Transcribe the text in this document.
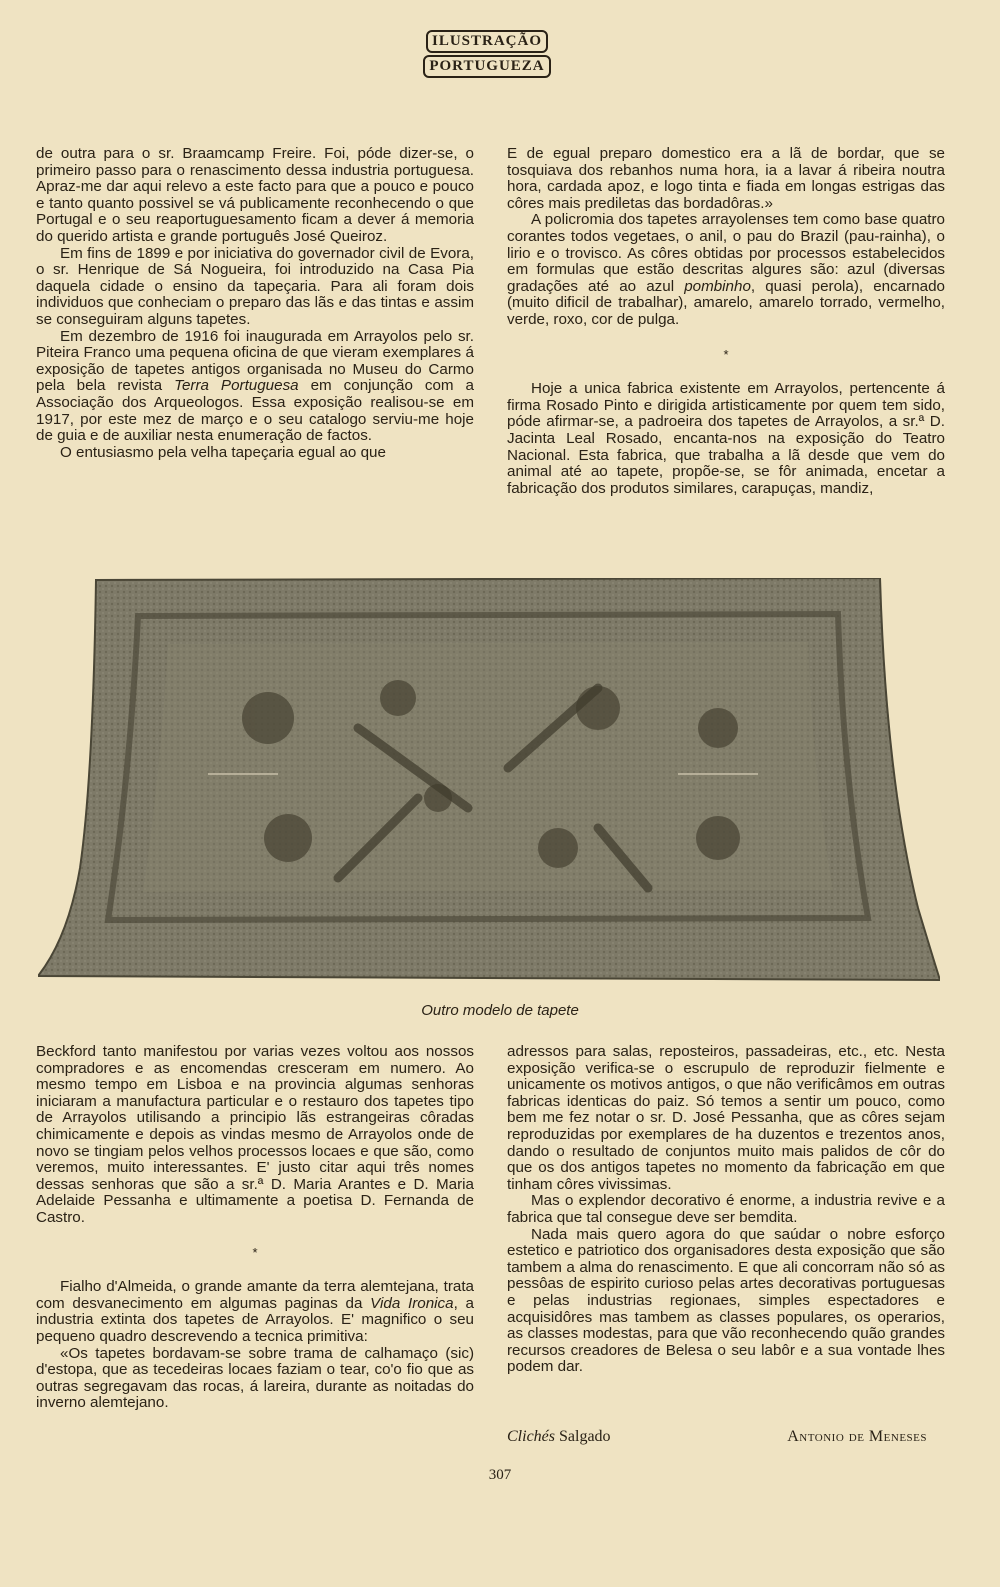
ILUSTRAÇÃO
PORTUGUEZA

de outra para o sr. Braamcamp Freire. Foi, póde dizer-se, o primeiro passo para o renascimento dessa industria portuguesa. Apraz-me dar aqui relevo a este facto para que a pouco e pouco e tanto quanto possivel se vá publicamente reconhecendo o que Portugal e o seu reaportuguesamento ficam a dever á memoria do querido artista e grande português José Queiroz.

Em fins de 1899 e por iniciativa do governador civil de Evora, o sr. Henrique de Sá Nogueira, foi introduzido na Casa Pia daquela cidade o ensino da tapeçaria. Para ali foram dois individuos que conheciam o preparo das lãs e das tintas e assim se conseguiram alguns tapetes.

Em dezembro de 1916 foi inaugurada em Arrayolos pelo sr. Piteira Franco uma pequena oficina de que vieram exemplares á exposição de tapetes antigos organisada no Museu do Carmo pela bela revista Terra Portuguesa em conjunção com a Associação dos Arqueologos. Essa exposição realisou-se em 1917, por este mez de março e o seu catalogo serviu-me hoje de guia e de auxiliar nesta enumeração de factos.

O entusiasmo pela velha tapeçaria egual ao que

E de egual preparo domestico era a lã de bordar, que se tosquiava dos rebanhos numa hora, ia a lavar á ribeira noutra hora, cardada apoz, e logo tinta e fiada em longas estrigas das côres mais prediletas das bordadôras.»

A policromia dos tapetes arrayolenses tem como base quatro corantes todos vegetaes, o anil, o pau do Brazil (pau-rainha), o lirio e o trovisco. As côres obtidas por processos estabelecidos em formulas que estão descritas algures são: azul (diversas gradações até ao azul pombinho, quasi perola), encarnado (muito dificil de trabalhar), amarelo, amarelo torrado, vermelho, verde, roxo, cor de pulga.

*

Hoje a unica fabrica existente em Arrayolos, pertencente á firma Rosado Pinto e dirigida artisticamente por quem tem sido, póde afirmar-se, a padroeira dos tapetes de Arrayolos, a sr.ª D. Jacinta Leal Rosado, encanta-nos na exposição do Teatro Nacional. Esta fabrica, que trabalha a lã desde que vem do animal até ao tapete, propõe-se, se fôr animada, encetar a fabricação dos produtos similares, carapuças, mandiz,

Outro modelo de tapete

Beckford tanto manifestou por varias vezes voltou aos nossos compradores e as encomendas cresceram em numero. Ao mesmo tempo em Lisboa e na provincia algumas senhoras iniciaram a manufactura particular e o restauro dos tapetes tipo de Arrayolos utilisando a principio lãs estrangeiras côradas chimicamente e depois as vindas mesmo de Arrayolos onde de novo se tingiam pelos velhos processos locaes e que são, como veremos, muito interessantes. E' justo citar aqui três nomes dessas senhoras que são a sr.ª D. Maria Arantes e D. Maria Adelaide Pessanha e ultimamente a poetisa D. Fernanda de Castro.

*

Fialho d'Almeida, o grande amante da terra alemtejana, trata com desvanecimento em algumas paginas da Vida Ironica, a industria extinta dos tapetes de Arrayolos. E' magnifico o seu pequeno quadro descrevendo a tecnica primitiva:

«Os tapetes bordavam-se sobre trama de calhamaço (sic) d'estopa, que as tecedeiras locaes faziam o tear, co'o fio que as outras segregavam das rocas, á lareira, durante as noitadas do inverno alemtejano.

adressos para salas, reposteiros, passadeiras, etc., etc. Nesta exposição verifica-se o escrupulo de reproduzir fielmente e unicamente os motivos antigos, o que não verificâmos em outras fabricas identicas do paiz. Só temos a sentir um pouco, como bem me fez notar o sr. D. José Pessanha, que as côres sejam reproduzidas por exemplares de ha duzentos e trezentos anos, dando o resultado de conjuntos muito mais palidos de côr do que os dos antigos tapetes no momento da fabricação em que tinham côres vivissimas.

Mas o explendor decorativo é enorme, a industria revive e a fabrica que tal consegue deve ser bemdita.

Nada mais quero agora do que saúdar o nobre esforço estetico e patriotico dos organisadores desta exposição que são tambem a alma do renascimento. E que ali concorram não só as pessôas de espirito curioso pelas artes decorativas portuguesas e pelas industrias regionaes, simples espectadores e acquisidôres mas tambem as classes populares, os operarios, as classes modestas, para que vão reconhecendo quão grandes recursos creadores de Belesa o seu labôr e a sua vontade lhes podem dar.

Clichés Salgado	Antonio de Meneses
307
